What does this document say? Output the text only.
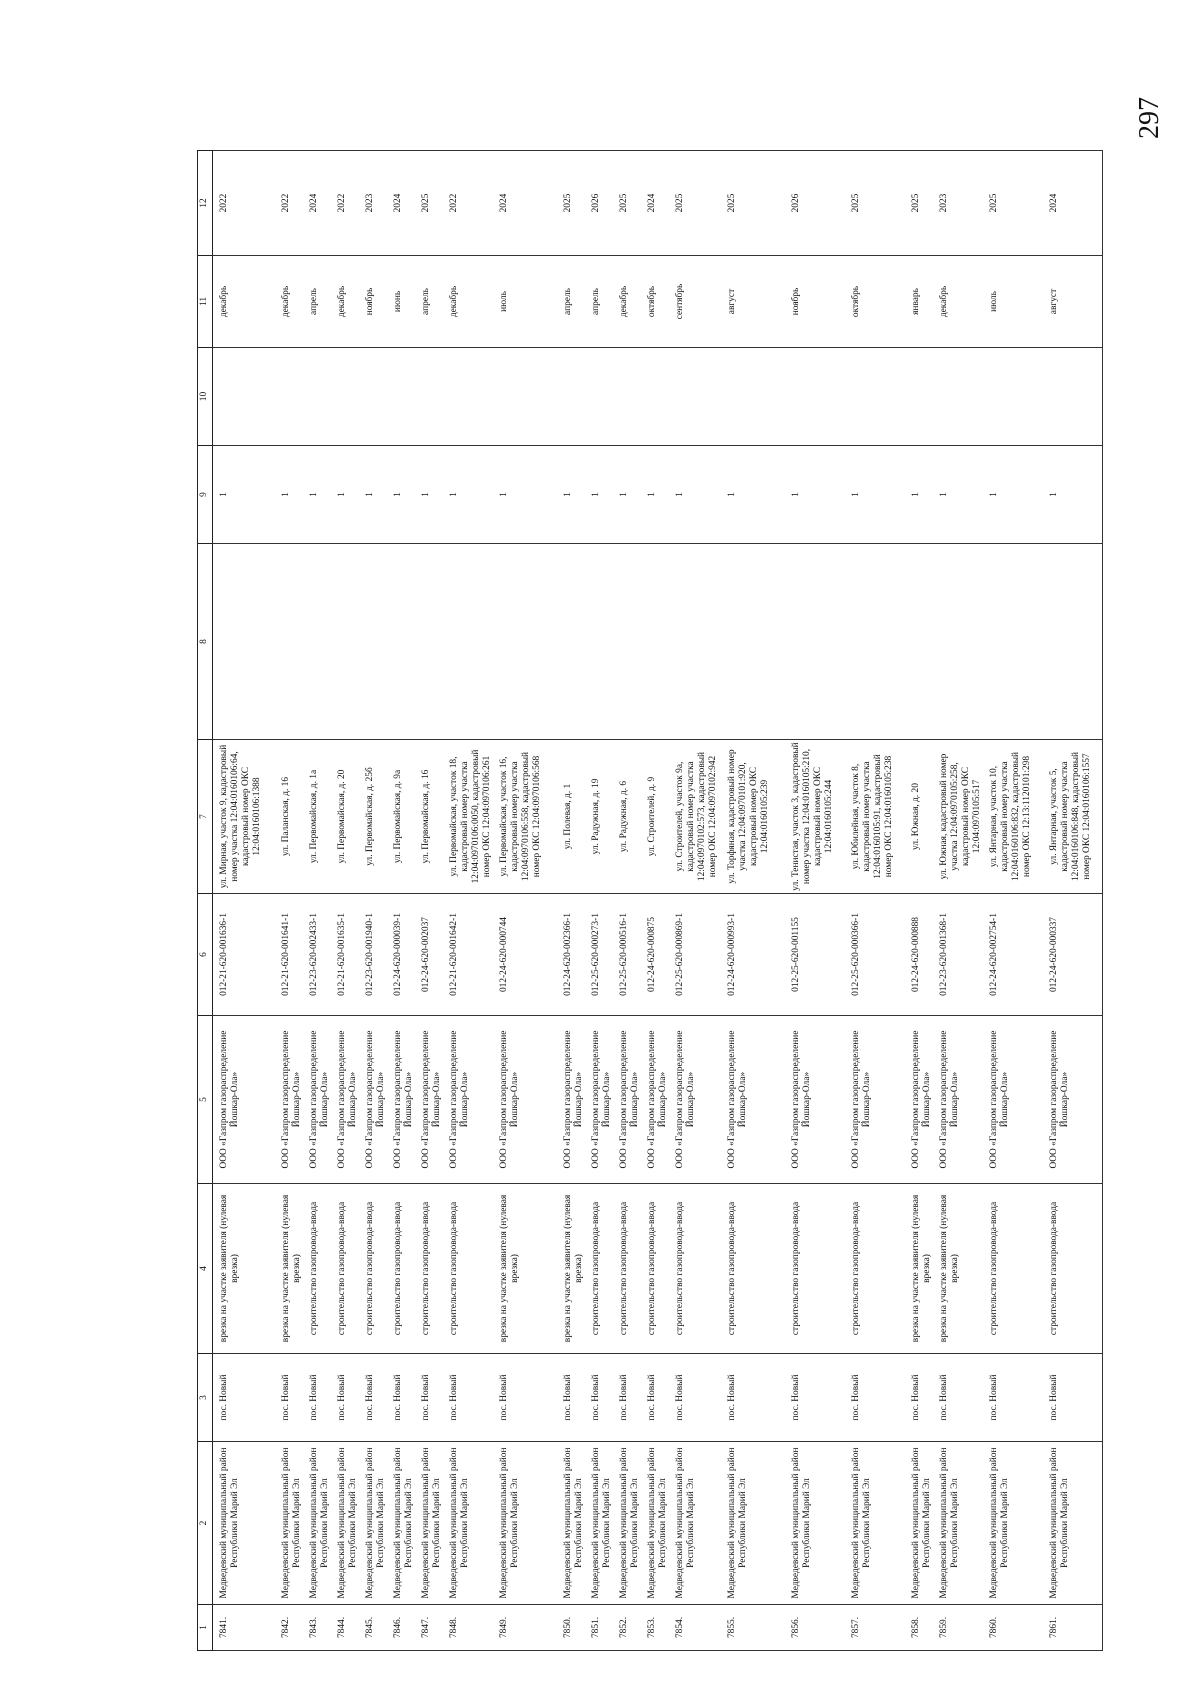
297
1	2	3	4	5	6	7	8	9	10	11	12
7841.	Медведевский муниципальный район Республики Марий Эл	пос. Новый	врезка на участке заявителя (нулевая врезка)	ООО «Газпром газораспределение Йошкар-Ола»	012-21-620-001636-1	ул. Мирная, участок 9, кадастровый номер участка 12:04:0160106:64, кадастровый номер ОКС 12:04:0160106:1388		1		декабрь	2022
7842.	Медведевский муниципальный район Республики Марий Эл	пос. Новый	врезка на участке заявителя (нулевая врезка)	ООО «Газпром газораспределение Йошкар-Ола»	012-21-620-001641-1	ул. Паланская, д. 16		1		декабрь	2022
7843.	Медведевский муниципальный район Республики Марий Эл	пос. Новый	строительство газопровода-ввода	ООО «Газпром газораспределение Йошкар-Ола»	012-23-620-002433-1	ул. Первомайская, д. 1а		1		апрель	2024
7844.	Медведевский муниципальный район Республики Марий Эл	пос. Новый	строительство газопровода-ввода	ООО «Газпром газораспределение Йошкар-Ола»	012-21-620-001635-1	ул. Первомайская, д. 20		1		декабрь	2022
7845.	Медведевский муниципальный район Республики Марий Эл	пос. Новый	строительство газопровода-ввода	ООО «Газпром газораспределение Йошкар-Ола»	012-23-620-001940-1	ул. Первомайская, д. 25б		1		ноябрь	2023
7846.	Медведевский муниципальный район Республики Марий Эл	пос. Новый	строительство газопровода-ввода	ООО «Газпром газораспределение Йошкар-Ола»	012-24-620-000039-1	ул. Первомайская, д. 9а		1		июнь	2024
7847.	Медведевский муниципальный район Республики Марий Эл	пос. Новый	строительство газопровода-ввода	ООО «Газпром газораспределение Йошкар-Ола»	012-24-620-002037	ул. Первомайская, д. 16		1		апрель	2025
7848.	Медведевский муниципальный район Республики Марий Эл	пос. Новый	строительство газопровода-ввода	ООО «Газпром газораспределение Йошкар-Ола»	012-21-620-001642-1	ул. Первомайская, участок 18, кадастровый номер участка 12:04:0970106:0050, кадастровый номер ОКС 12:04:0970106:261		1		декабрь	2022
7849.	Медведевский муниципальный район Республики Марий Эл	пос. Новый	врезка на участке заявителя (нулевая врезка)	ООО «Газпром газораспределение Йошкар-Ола»	012-24-620-000744	ул. Первомайская, участок 16, кадастровый номер участка 12:04:0970106:558, кадастровый номер ОКС 12:04:0970106:568		1		июль	2024
7850.	Медведевский муниципальный район Республики Марий Эл	пос. Новый	врезка на участке заявителя (нулевая врезка)	ООО «Газпром газораспределение Йошкар-Ола»	012-24-620-002366-1	ул. Полевая, д. 1		1		апрель	2025
7851.	Медведевский муниципальный район Республики Марий Эл	пос. Новый	строительство газопровода-ввода	ООО «Газпром газораспределение Йошкар-Ола»	012-25-620-000273-1	ул. Радужная, д. 19		1		апрель	2026
7852.	Медведевский муниципальный район Республики Марий Эл	пос. Новый	строительство газопровода-ввода	ООО «Газпром газораспределение Йошкар-Ола»	012-25-620-000516-1	ул. Радужная, д. 6		1		декабрь	2025
7853.	Медведевский муниципальный район Республики Марий Эл	пос. Новый	строительство газопровода-ввода	ООО «Газпром газораспределение Йошкар-Ола»	012-24-620-000875	ул. Строителей, д. 9		1		октябрь	2024
7854.	Медведевский муниципальный район Республики Марий Эл	пос. Новый	строительство газопровода-ввода	ООО «Газпром газораспределение Йошкар-Ола»	012-25-620-000869-1	ул. Строителей, участок 9а, кадастровый номер участка 12:04:0970102:573, кадастровый номер ОКС 12:04:0970102:942		1		сентябрь	2025
7855.	Медведевский муниципальный район Республики Марий Эл	пос. Новый	строительство газопровода-ввода	ООО «Газпром газораспределение Йошкар-Ола»	012-24-620-000993-1	ул. Торфяная, кадастровый номер участка 12:04:0970101:920, кадастровый номер ОКС 12:04:0160105:239		1		август	2025
7856.	Медведевский муниципальный район Республики Марий Эл	пос. Новый	строительство газопровода-ввода	ООО «Газпром газораспределение Йошкар-Ола»	012-25-620-001155	ул. Тенистая, участок 3, кадастровый номер участка 12:04:0160105:210, кадастровый номер ОКС 12:04:0160105:244		1		ноябрь	2026
7857.	Медведевский муниципальный район Республики Марий Эл	пос. Новый	строительство газопровода-ввода	ООО «Газпром газораспределение Йошкар-Ола»	012-25-620-000366-1	ул. Юбилейная, участок 8, кадастровый номер участка 12:04:0160105:91, кадастровый номер ОКС 12:04:0160105:238		1		октябрь	2025
7858.	Медведевский муниципальный район Республики Марий Эл	пос. Новый	врезка на участке заявителя (нулевая врезка)	ООО «Газпром газораспределение Йошкар-Ола»	012-24-620-000888	ул. Южная, д. 20		1		январь	2025
7859.	Медведевский муниципальный район Республики Марий Эл	пос. Новый	врезка на участке заявителя (нулевая врезка)	ООО «Газпром газораспределение Йошкар-Ола»	012-23-620-001368-1	ул. Южная, кадастровый номер участка 12:04:0970105:258, кадастровый номер ОКС 12:04:0970105:517		1		декабрь	2023
7860.	Медведевский муниципальный район Республики Марий Эл	пос. Новый	строительство газопровода-ввода	ООО «Газпром газораспределение Йошкар-Ола»	012-24-620-002754-1	ул. Янтарная, участок 10, кадастровый номер участка 12:04:0160106:832, кадастровый номер ОКС 12:13:1120101:298		1		июль	2025
7861.	Медведевский муниципальный район Республики Марий Эл	пос. Новый	строительство газопровода-ввода	ООО «Газпром газораспределение Йошкар-Ола»	012-24-620-000337	ул. Янтарная, участок 5, кадастровый номер участка 12:04:0160106:848, кадастровый номер ОКС 12:04:0160106:1557		1		август	2024
